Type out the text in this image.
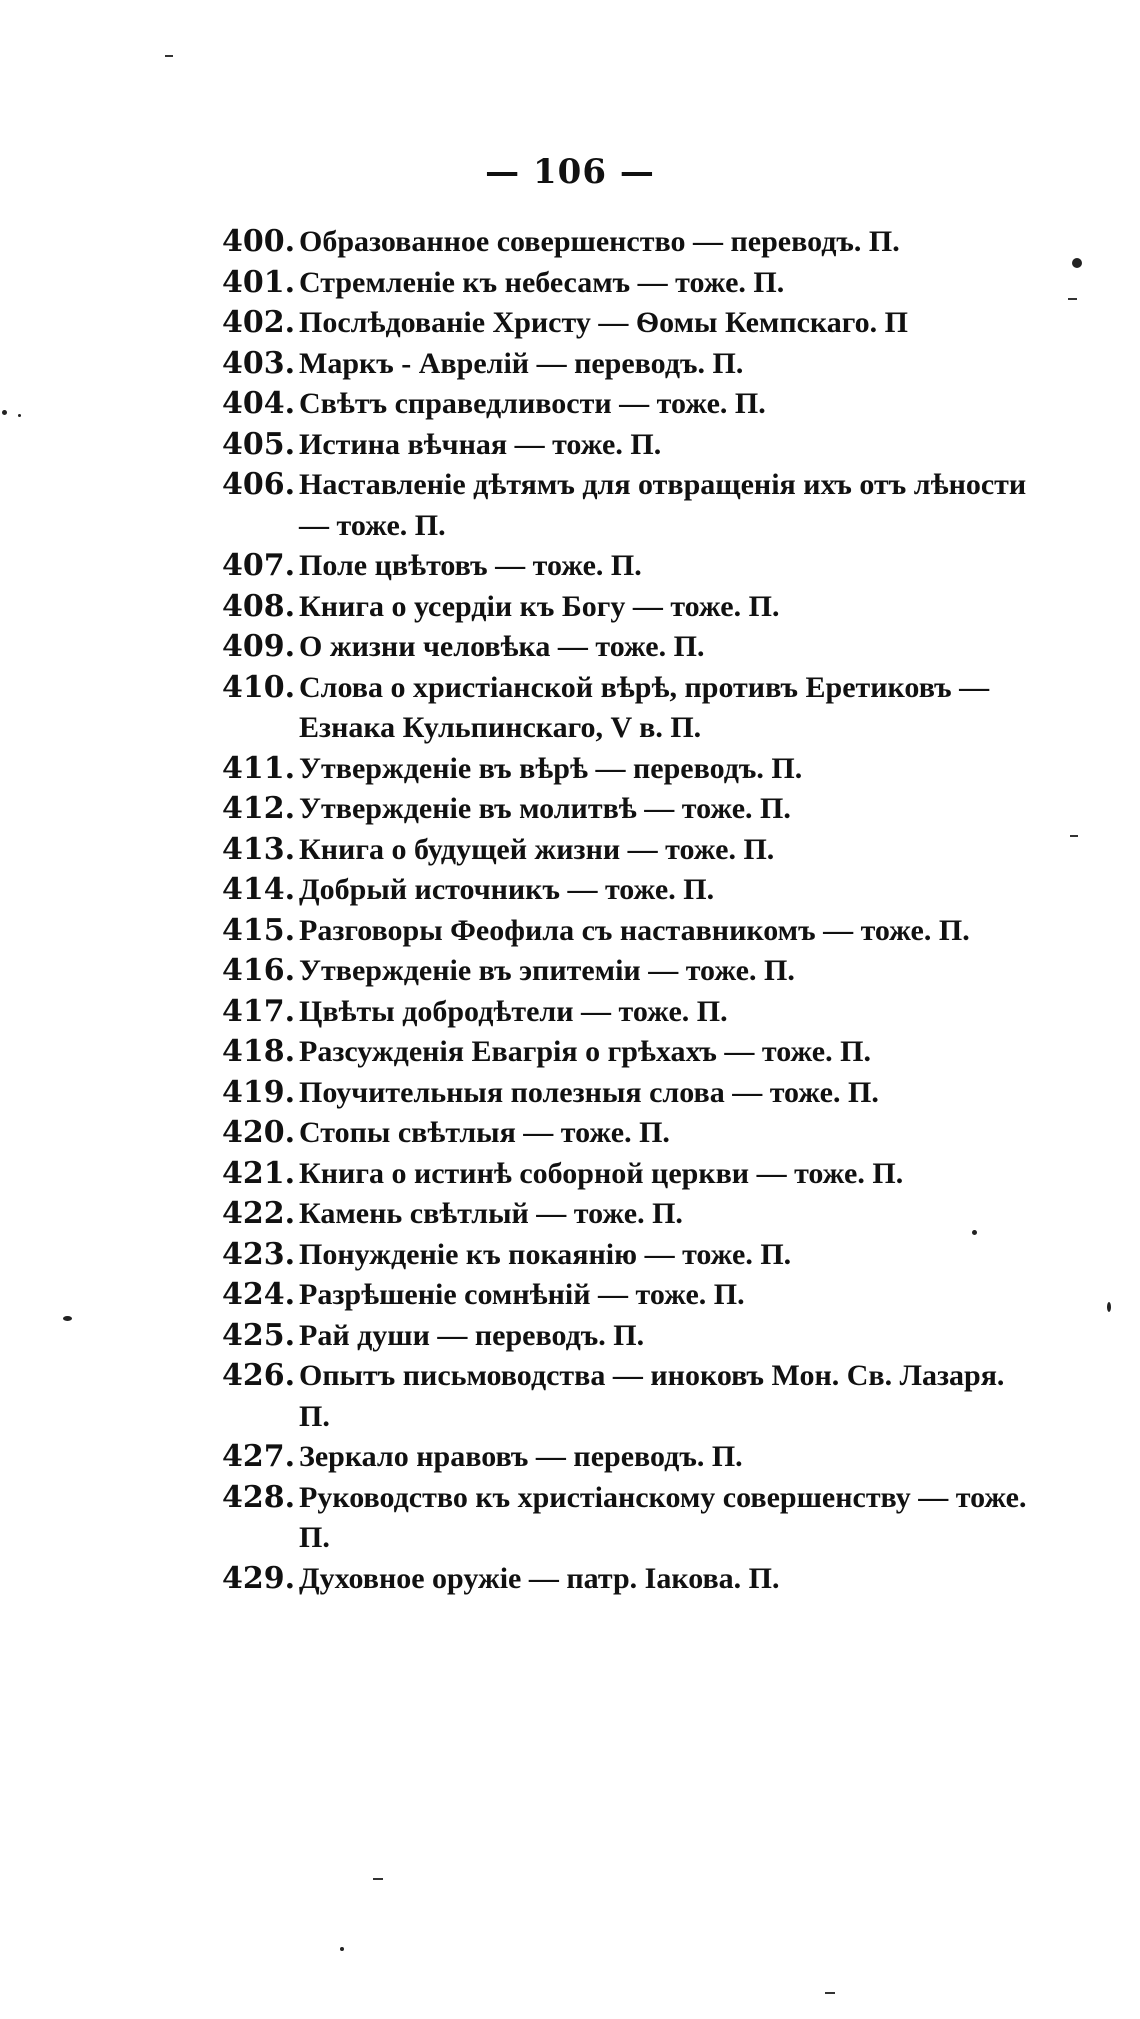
— 106 —
400. Образованное совершенство — переводъ. П.
401. Стремленіе къ небесамъ — тоже. П.
402. Послѣдованіе Христу — Ѳомы Кемпскаго. П
403. Маркъ - Аврелій — переводъ. П.
404. Свѣтъ справедливости — тоже. П.
405. Истина вѣчная — тоже. П.
406. Наставленіе дѣтямъ для отвращенія ихъ отъ лѣности — тоже. П.
407. Поле цвѣтовъ — тоже. П.
408. Книга о усердіи къ Богу — тоже. П.
409. О жизни человѣка — тоже. П.
410. Слова о христіанской вѣрѣ, противъ Еретиковъ — Езнака Кульпинскаго, V в. П.
411. Утвержденіе въ вѣрѣ — переводъ. П.
412. Утвержденіе въ молитвѣ — тоже. П.
413. Книга о будущей жизни — тоже. П.
414. Добрый источникъ — тоже. П.
415. Разговоры Феофила съ наставникомъ — тоже. П.
416. Утвержденіе въ эпитеміи — тоже. П.
417. Цвѣты добродѣтели — тоже. П.
418. Разсужденія Евагрія о грѣхахъ — тоже. П.
419. Поучительныя полезныя слова — тоже. П.
420. Стопы свѣтлыя — тоже. П.
421. Книга о истинѣ соборной церкви — тоже. П.
422. Камень свѣтлый — тоже. П.
423. Понужденіе къ покаянію — тоже. П.
424. Разрѣшеніе сомнѣній — тоже. П.
425. Рай души — переводъ. П.
426. Опытъ письмоводства — иноковъ Мон. Св. Лазаря. П.
427. Зеркало нравовъ — переводъ. П.
428. Руководство къ христіанскому совершенству — тоже. П.
429. Духовное оружіе — патр. Іакова. П.
